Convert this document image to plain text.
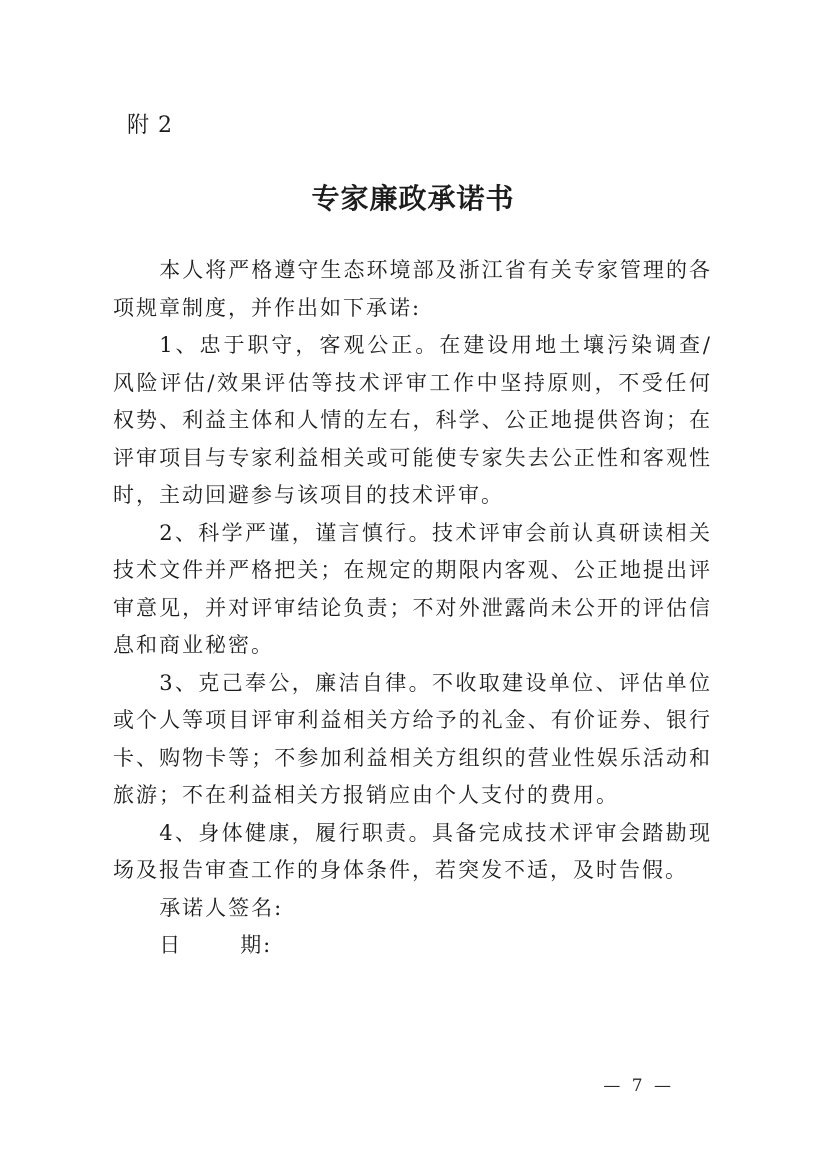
附 2
专家廉政承诺书

本人将严格遵守生态环境部及浙江省有关专家管理的各项规章制度，并作出如下承诺:

1、忠于职守，客观公正。在建设用地土壤污染调查/风险评估/效果评估等技术评审工作中坚持原则，不受任何权势、利益主体和人情的左右，科学、公正地提供咨询；在评审项目与专家利益相关或可能使专家失去公正性和客观性时，主动回避参与该项目的技术评审。

2、科学严谨，谨言慎行。技术评审会前认真研读相关技术文件并严格把关；在规定的期限内客观、公正地提出评审意见，并对评审结论负责；不对外泄露尚未公开的评估信息和商业秘密。

3、克己奉公，廉洁自律。不收取建设单位、评估单位或个人等项目评审利益相关方给予的礼金、有价证券、银行卡、购物卡等；不参加利益相关方组织的营业性娱乐活动和旅游；不在利益相关方报销应由个人支付的费用。

4、身体健康，履行职责。具备完成技术评审会踏勘现场及报告审查工作的身体条件，若突发不适，及时告假。

承诺人签名:

日	期:

— 7 —
